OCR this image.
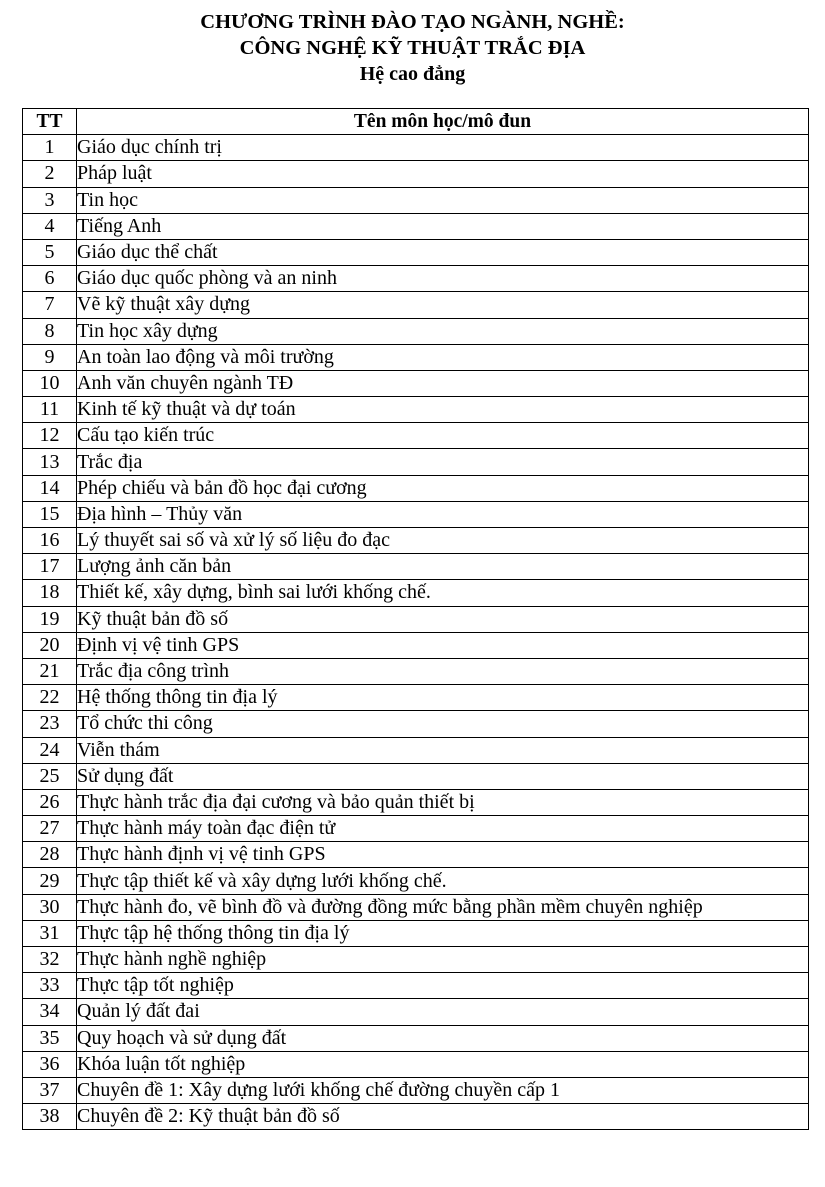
CHƯƠNG TRÌNH ĐÀO TẠO NGÀNH, NGHỀ:
CÔNG NGHỆ KỸ THUẬT TRẮC ĐỊA
Hệ cao đẳng
TT	Tên môn học/mô đun
1	Giáo dục chính trị
2	Pháp luật
3	Tin học
4	Tiếng Anh
5	Giáo dục thể chất
6	Giáo dục quốc phòng và an ninh
7	Vẽ kỹ thuật xây dựng
8	Tin học xây dựng
9	An toàn lao động và môi trường
10	Anh văn chuyên ngành TĐ
11	Kinh tế kỹ thuật và dự toán
12	Cấu tạo kiến trúc
13	Trắc địa
14	Phép chiếu và bản đồ học đại cương
15	Địa hình – Thủy văn
16	Lý thuyết sai số và xử lý số liệu đo đạc
17	Lượng ảnh căn bản
18	Thiết kế, xây dựng, bình sai lưới khống chế.
19	Kỹ thuật bản đồ số
20	Định vị vệ tinh GPS
21	Trắc địa công trình
22	Hệ thống thông tin địa lý
23	Tổ chức thi công
24	Viễn thám
25	Sử dụng đất
26	Thực hành trắc địa đại cương và bảo quản thiết bị
27	Thực hành máy toàn đạc điện tử
28	Thực hành định vị vệ tinh GPS
29	Thực tập thiết kế và xây dựng lưới khống chế.
30	Thực hành đo, vẽ bình đồ và đường đồng mức bằng phần mềm chuyên nghiệp
31	Thực tập hệ thống thông tin địa lý
32	Thực hành nghề nghiệp
33	Thực tập tốt nghiệp
34	Quản lý đất đai
35	Quy hoạch và sử dụng đất
36	Khóa luận tốt nghiệp
37	Chuyên đề 1: Xây dựng lưới khống chế đường chuyền cấp 1
38	Chuyên đề 2: Kỹ thuật bản đồ số
